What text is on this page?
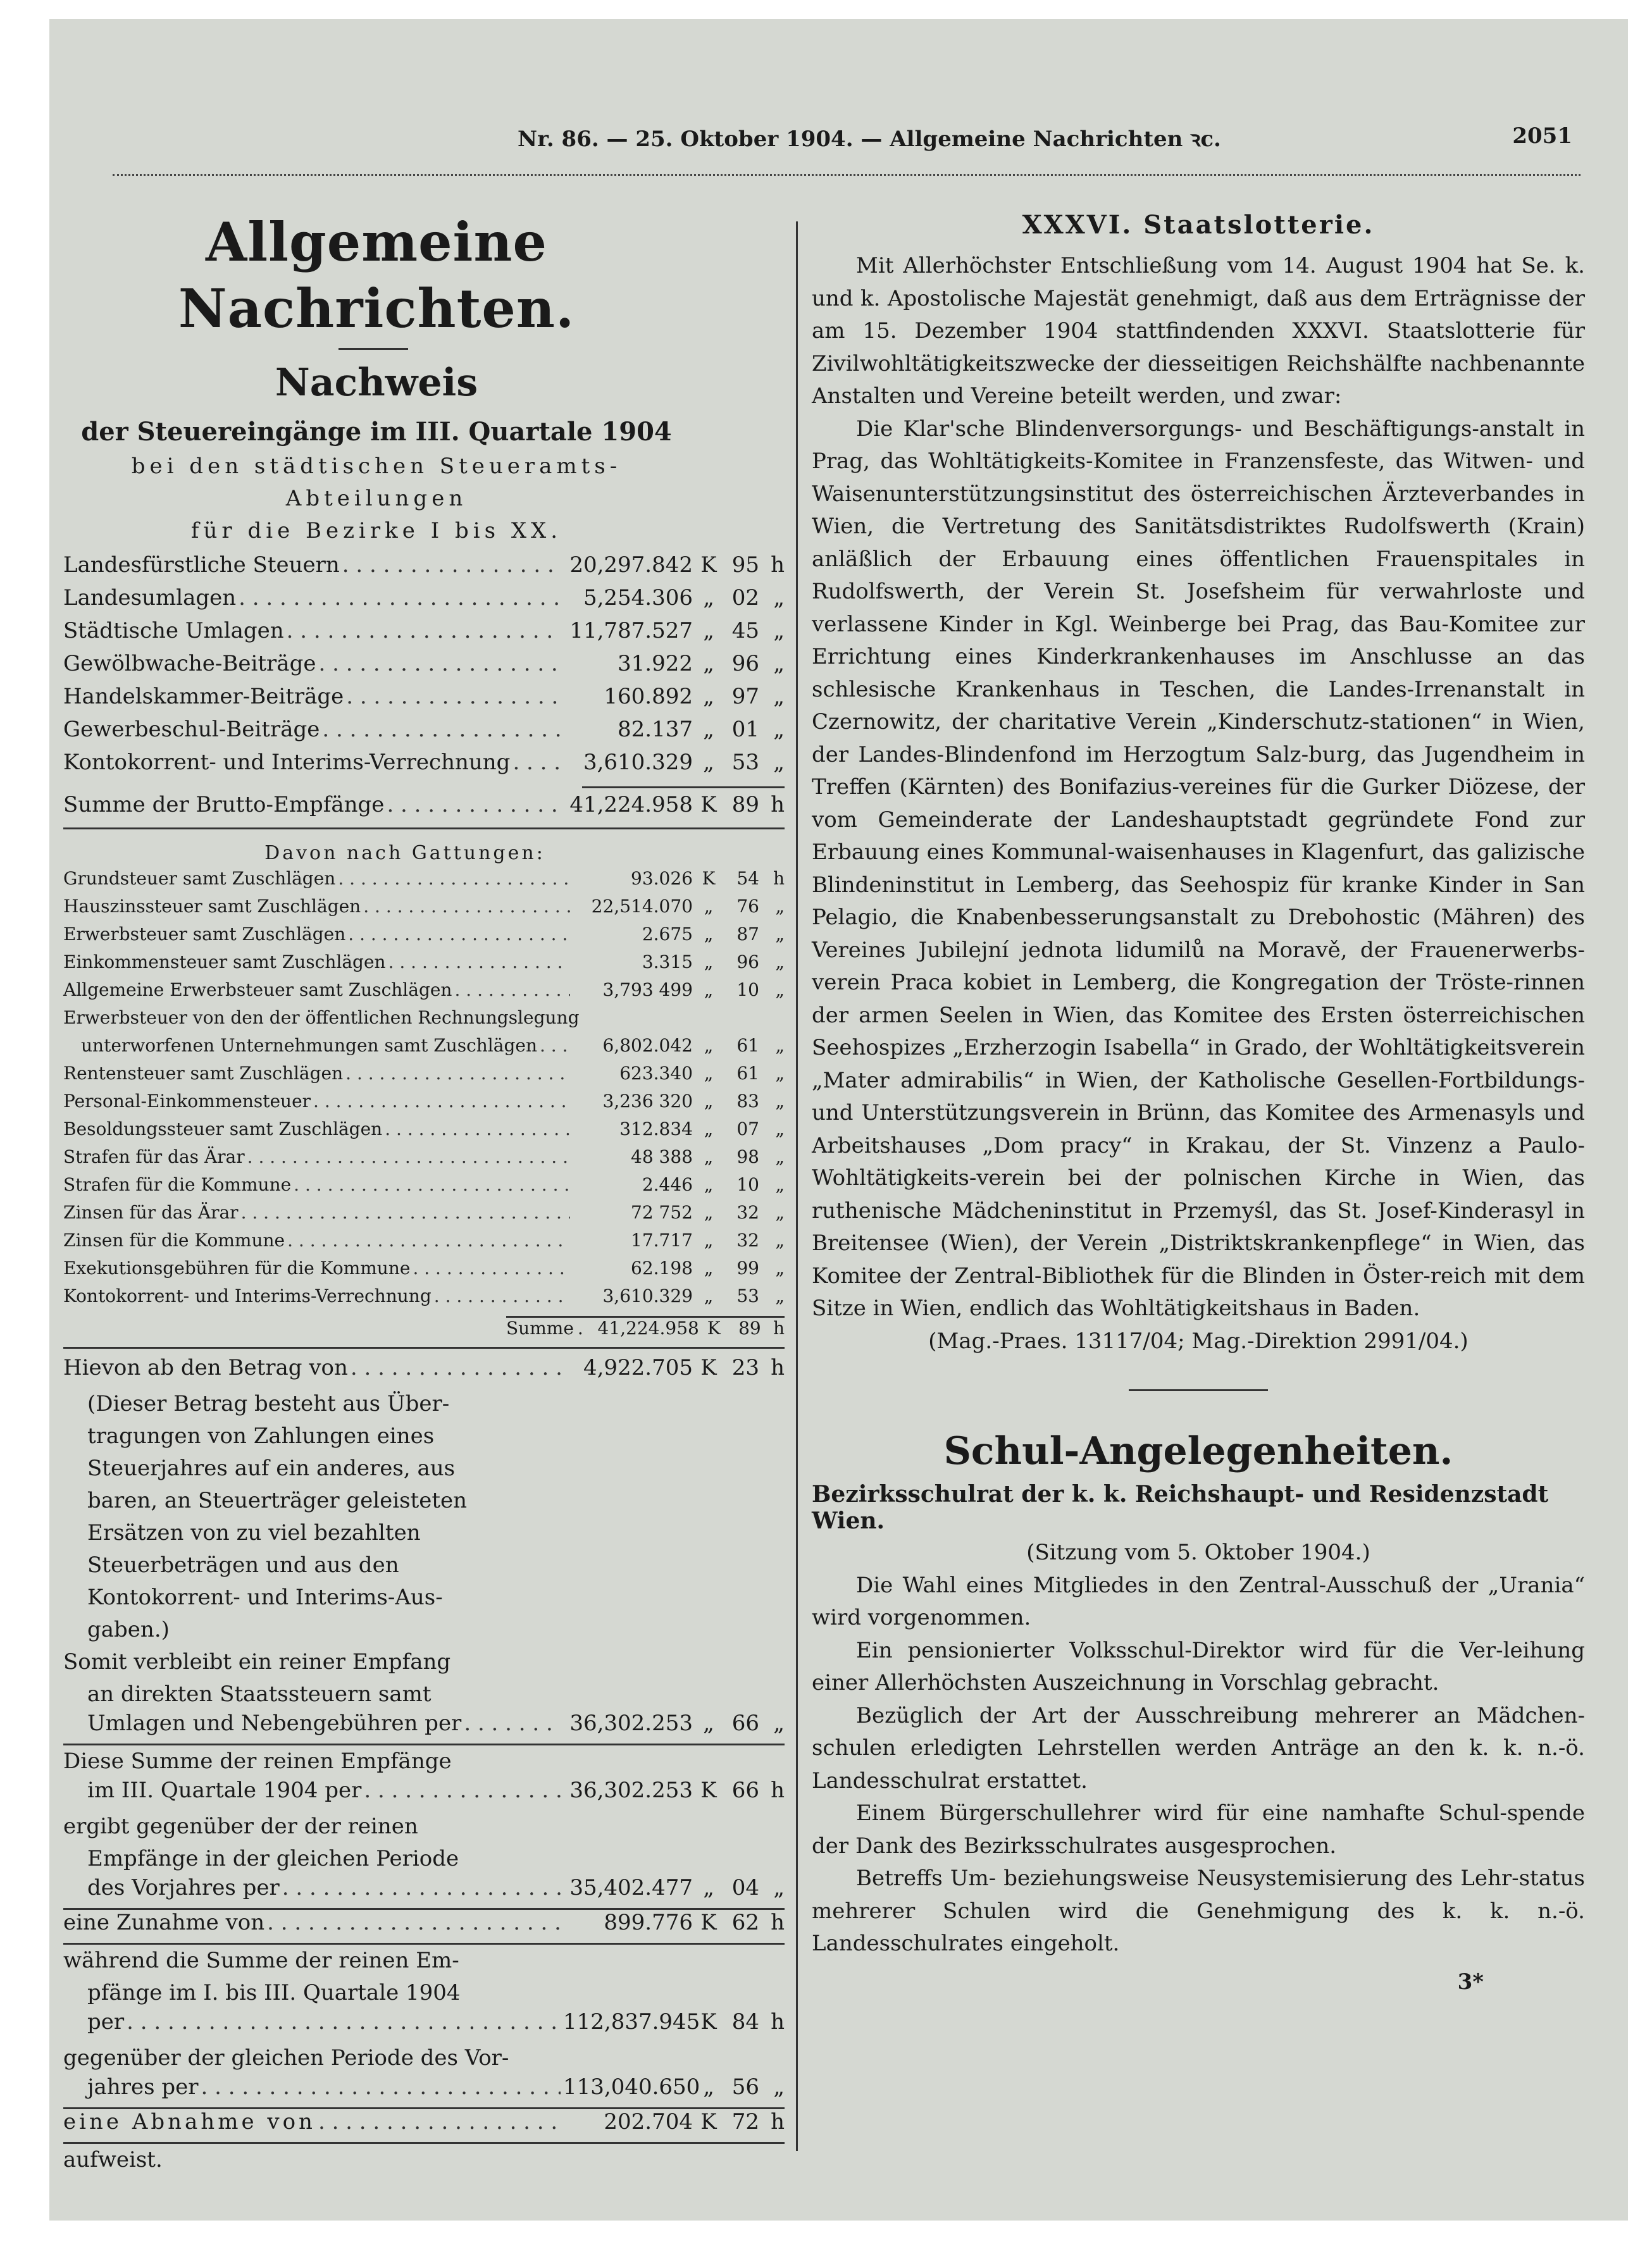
Nr. 86. — 25. Oktober 1904. — Allgemeine Nachrichten ꝛc.	2051
Allgemeine Nachrichten.
Nachweis
der Steuereingänge im III. Quartale 1904
bei den städtischen Steueramts-Abteilungen
für die Bezirke I bis XX.
Landesfürstliche Steuern . . .	20,297.842 K 95 h
Landesumlagen . . .	5,254.306 „ 02 „
Städtische Umlagen . . .	11,787.527 „ 45 „
Gewölbwache-Beiträge . . .	31.922 „ 96 „
Handelskammer-Beiträge . . .	160.892 „ 97 „
Gewerbeschul-Beiträge . . .	82.137 „ 01 „
Kontokorrent- und Interims-Verrechnung . . .	3,610.329 „ 53 „
Summe der Brutto-Empfänge . . .	41,224.958 K 89 h
Davon nach Gattungen:
Grundsteuer samt Zuschlägen . . .	93.026 K	54 h
Hauszinssteuer samt Zuschlägen . . .	22,514.070 „	76 „
Erwerbsteuer samt Zuschlägen . . .	2.675 „	87 „
Einkommensteuer samt Zuschlägen . . .	3.315 „	96 „
Allgemeine Erwerbsteuer samt Zuschlägen . . .	3,793 499 „	10 „
Erwerbsteuer von den der öffentlichen Rechnungslegung
unterworfenen Unternehmungen samt Zuschlägen . . .	6,802.042 „	61 „
Rentensteuer samt Zuschlägen . . .	623.340 „	61 „
Personal-Einkommensteuer . . .	3,236 320 „	83 „
Besoldungssteuer samt Zuschlägen . . .	312.834 „	07 „
Strafen für das Ärar . . .	48 388 „	98 „
Strafen für die Kommune . . .	2.446 „	10 „
Zinsen für das Ärar . . .	72 752 „	32 „
Zinsen für die Kommune . . .	17.717 „	32 „
Exekutionsgebühren für die Kommune . . .	62.198 „	99 „
Kontokorrent- und Interims-Verrechnung . . .	3,610.329 „	53 „
Summe . 41,224.958 K	89 h
Hievon ab den Betrag von . . .	4,922.705 K 23 h
(Dieser Betrag besteht aus Über-
tragungen von Zahlungen eines
Steuerjahres auf ein anderes, aus
baren, an Steuerträger geleisteten
Ersätzen von zu viel bezahlten
Steuerbeträgen und aus den
Kontokorrent- und Interims-Aus-
gaben.)
Somit verbleibt ein reiner Empfang
an direkten Staatssteuern samt
Umlagen und Nebengebühren per . . .	36,302.253 „ 66 „
Diese Summe der reinen Empfänge
im III. Quartale 1904 per . . .	36,302.253 K 66 h
ergibt gegenüber der der reinen
Empfänge in der gleichen Periode
des Vorjahres per . . .	35,402.477 „ 04 „
eine Zunahme von . . .	899.776 K 62 h
während die Summe der reinen Em-
pfänge im I. bis III. Quartale 1904
per . . .	112,837.945 K 84 h
gegenüber der gleichen Periode des Vor-
jahres per . . .	113,040.650 „ 56 „
eine Abnahme von . . .	202.704 K 72 h
aufweist.
XXXVI. Staatslotterie.

Mit Allerhöchster Entschließung vom 14. August 1904 hat Se. k. und k. Apostolische Majestät genehmigt, daß aus dem Erträgnisse der am 15. Dezember 1904 stattfindenden XXXVI. Staatslotterie für Zivilwohltätigkeitszwecke der diesseitigen Reichshälfte nachbenannte Anstalten und Vereine beteilt werden, und zwar:

Die Klar'sche Blindenversorgungs- und Beschäftigungs-anstalt in Prag, das Wohltätigkeits-Komitee in Franzensfeste, das Witwen- und Waisenunterstützungsinstitut des österreichischen Ärzteverbandes in Wien, die Vertretung des Sanitätsdistriktes Rudolfswerth (Krain) anläßlich der Erbauung eines öffentlichen Frauenspitales in Rudolfswerth, der Verein St. Josefsheim für verwahrloste und verlassene Kinder in Kgl. Weinberge bei Prag, das Bau-Komitee zur Errichtung eines Kinderkrankenhauses im Anschlusse an das schlesische Krankenhaus in Teschen, die Landes-Irrenanstalt in Czernowitz, der charitative Verein „Kinderschutz-stationen“ in Wien, der Landes-Blindenfond im Herzogtum Salz-burg, das Jugendheim in Treffen (Kärnten) des Bonifazius-vereines für die Gurker Diözese, der vom Gemeinderate der Landeshauptstadt gegründete Fond zur Erbauung eines Kommunal-waisenhauses in Klagenfurt, das galizische Blindeninstitut in Lemberg, das Seehospiz für kranke Kinder in San Pelagio, die Knabenbesserungsanstalt zu Drebohostic (Mähren) des Vereines Jubilejní jednota lidumilů na Moravě, der Frauenerwerbs-verein Praca kobiet in Lemberg, die Kongregation der Tröste-rinnen der armen Seelen in Wien, das Komitee des Ersten österreichischen Seehospizes „Erzherzogin Isabella“ in Grado, der Wohltätigkeitsverein „Mater admirabilis“ in Wien, der Katholische Gesellen-Fortbildungs- und Unterstützungsverein in Brünn, das Komitee des Armenasyls und Arbeitshauses „Dom pracy“ in Krakau, der St. Vinzenz a Paulo-Wohltätigkeits-verein bei der polnischen Kirche in Wien, das ruthenische Mädcheninstitut in Przemyśl, das St. Josef-Kinderasyl in Breitensee (Wien), der Verein „Distriktskrankenpflege“ in Wien, das Komitee der Zentral-Bibliothek für die Blinden in Öster-reich mit dem Sitze in Wien, endlich das Wohltätigkeitshaus in Baden.

(Mag.-Praes. 13117/04; Mag.-Direktion 2991/04.)

Schul-Angelegenheiten.
Bezirksschulrat der k. k. Reichshaupt- und Residenzstadt Wien.

(Sitzung vom 5. Oktober 1904.)

Die Wahl eines Mitgliedes in den Zentral-Ausschuß der „Urania“ wird vorgenommen.

Ein pensionierter Volksschul-Direktor wird für die Ver-leihung einer Allerhöchsten Auszeichnung in Vorschlag gebracht.

Bezüglich der Art der Ausschreibung mehrerer an Mädchen-schulen erledigten Lehrstellen werden Anträge an den k. k. n.-ö. Landesschulrat erstattet.

Einem Bürgerschullehrer wird für eine namhafte Schul-spende der Dank des Bezirksschulrates ausgesprochen.

Betreffs Um- beziehungsweise Neusystemisierung des Lehr-status mehrerer Schulen wird die Genehmigung des k. k. n.-ö. Landesschulrates eingeholt.

3*
